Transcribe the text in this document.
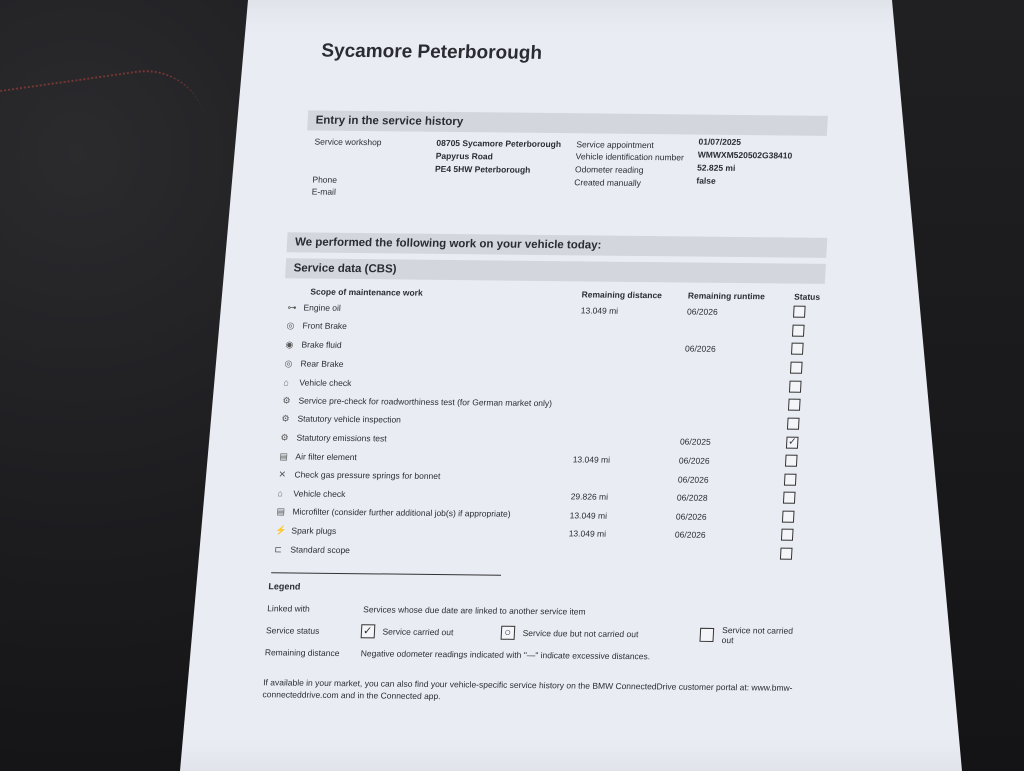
Sycamore Peterborough
Entry in the service history
Service workshop	08705 Sycamore Peterborough
Papyrus Road
PE4 5HW Peterborough
Phone
E-mail
Service appointment	01/07/2025
Vehicle identification number WMWXM520502G38410
Odometer reading	52.825 mi
Created manually	false
We performed the following work on your vehicle today:
Service data (CBS)
Scope of maintenance work	Remaining distance	Remaining runtime	Status
⊶ Engine oil	13.049 mi	06/2026	
◎ Front Brake			
◉ Brake fluid		06/2026	
◎ Rear Brake			
⌂ Vehicle check			
⚙ Service pre-check for roadworthiness test (for German market only)			
⚙ Statutory vehicle inspection			
⚙ Statutory emissions test		06/2025	✓
▤ Air filter element	13.049 mi	06/2026	
✕ Check gas pressure springs for bonnet		06/2026	
⌂ Vehicle check	29.826 mi	06/2028	
▤ Microfilter (consider further additional job(s) if appropriate)	13.049 mi	06/2026	
⚡ Spark plugs	13.049 mi	06/2026	
⊏ Standard scope			
Legend
Linked with	Services whose due date are linked to another service item
Service status	✓ Service carried out	○	Service due but not carried out	Service not carried out
Remaining distance	Negative odometer readings indicated with "—" indicate excessive distances.
If available in your market, you can also find your vehicle-specific service history on the BMW ConnectedDrive customer portal at: www.bmw-connecteddrive.com and in the Connected app.
